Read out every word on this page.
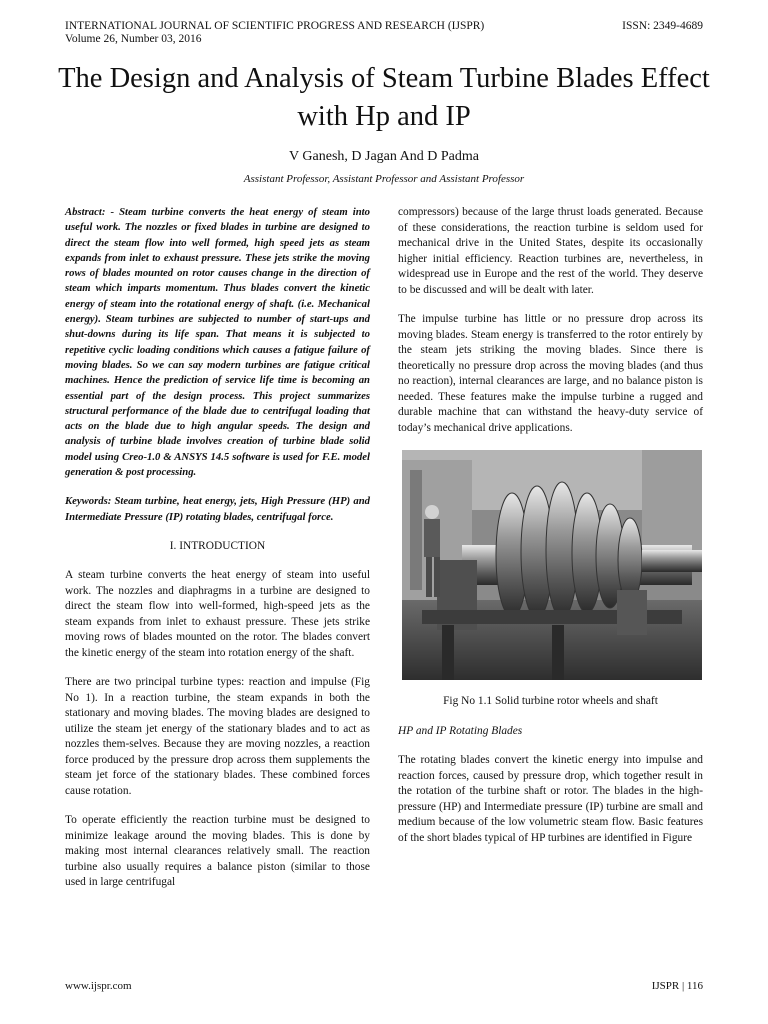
INTERNATIONAL JOURNAL OF SCIENTIFIC PROGRESS AND RESEARCH (IJSPR)
Volume 26, Number 03, 2016
ISSN: 2349-4689
The Design and Analysis of Steam Turbine Blades Effect with Hp and IP
V Ganesh, D Jagan And D Padma
Assistant Professor, Assistant Professor and Assistant Professor

Abstract: - Steam turbine converts the heat energy of steam into useful work. The nozzles or fixed blades in turbine are designed to direct the steam flow into well formed, high speed jets as steam expands from inlet to exhaust pressure. These jets strike the moving rows of blades mounted on rotor causes change in the direction of steam which imparts momentum. Thus blades convert the kinetic energy of steam into the rotational energy of shaft. (i.e. Mechanical energy). Steam turbines are subjected to number of start-ups and shut-downs during its life span. That means it is subjected to repetitive cyclic loading conditions which causes a fatigue failure of moving blades. So we can say modern turbines are fatigue critical machines. Hence the prediction of service life time is becoming an essential part of the design process. This project summarizes structural performance of the blade due to centrifugal loading that acts on the blade due to high angular speeds. The design and analysis of turbine blade involves creation of turbine blade solid model using Creo-1.0 & ANSYS 14.5 software is used for F.E. model generation & post processing.

Keywords: Steam turbine, heat energy, jets, High Pressure (HP) and Intermediate Pressure (IP) rotating blades, centrifugal force.

I. INTRODUCTION

A steam turbine converts the heat energy of steam into useful work. The nozzles and diaphragms in a turbine are designed to direct the steam flow into well-formed, high-speed jets as the steam expands from inlet to exhaust pressure. These jets strike moving rows of blades mounted on the rotor. The blades convert the kinetic energy of the steam into rotation energy of the shaft.

There are two principal turbine types: reaction and impulse (Fig No 1). In a reaction turbine, the steam expands in both the stationary and moving blades. The moving blades are designed to utilize the steam jet energy of the stationary blades and to act as nozzles them-selves. Because they are moving nozzles, a reaction force produced by the pressure drop across them supplements the steam jet force of the stationary blades. These combined forces cause rotation.

To operate efficiently the reaction turbine must be designed to minimize leakage around the moving blades. This is done by making most internal clearances relatively small. The reaction turbine also usually requires a balance piston (similar to those used in large centrifugal

compressors) because of the large thrust loads generated. Because of these considerations, the reaction turbine is seldom used for mechanical drive in the United States, despite its occasionally higher initial efficiency. Reaction turbines are, nevertheless, in widespread use in Europe and the rest of the world. They deserve to be discussed and will be dealt with later.

The impulse turbine has little or no pressure drop across its moving blades. Steam energy is transferred to the rotor entirely by the steam jets striking the moving blades. Since there is theoretically no pressure drop across the moving blades (and thus no reaction), internal clearances are large, and no balance piston is needed. These features make the impulse turbine a rugged and durable machine that can withstand the heavy-duty service of today’s mechanical drive applications.

Fig No 1.1 Solid turbine rotor wheels and shaft

HP and IP Rotating Blades

The rotating blades convert the kinetic energy into impulse and reaction forces, caused by pressure drop, which together result in the rotation of the turbine shaft or rotor. The blades in the high-pressure (HP) and Intermediate pressure (IP) turbine are small and medium because of the low volumetric steam flow. Basic features of the short blades typical of HP turbines are identified in Figure

www.ijspr.com	IJSPR | 116
